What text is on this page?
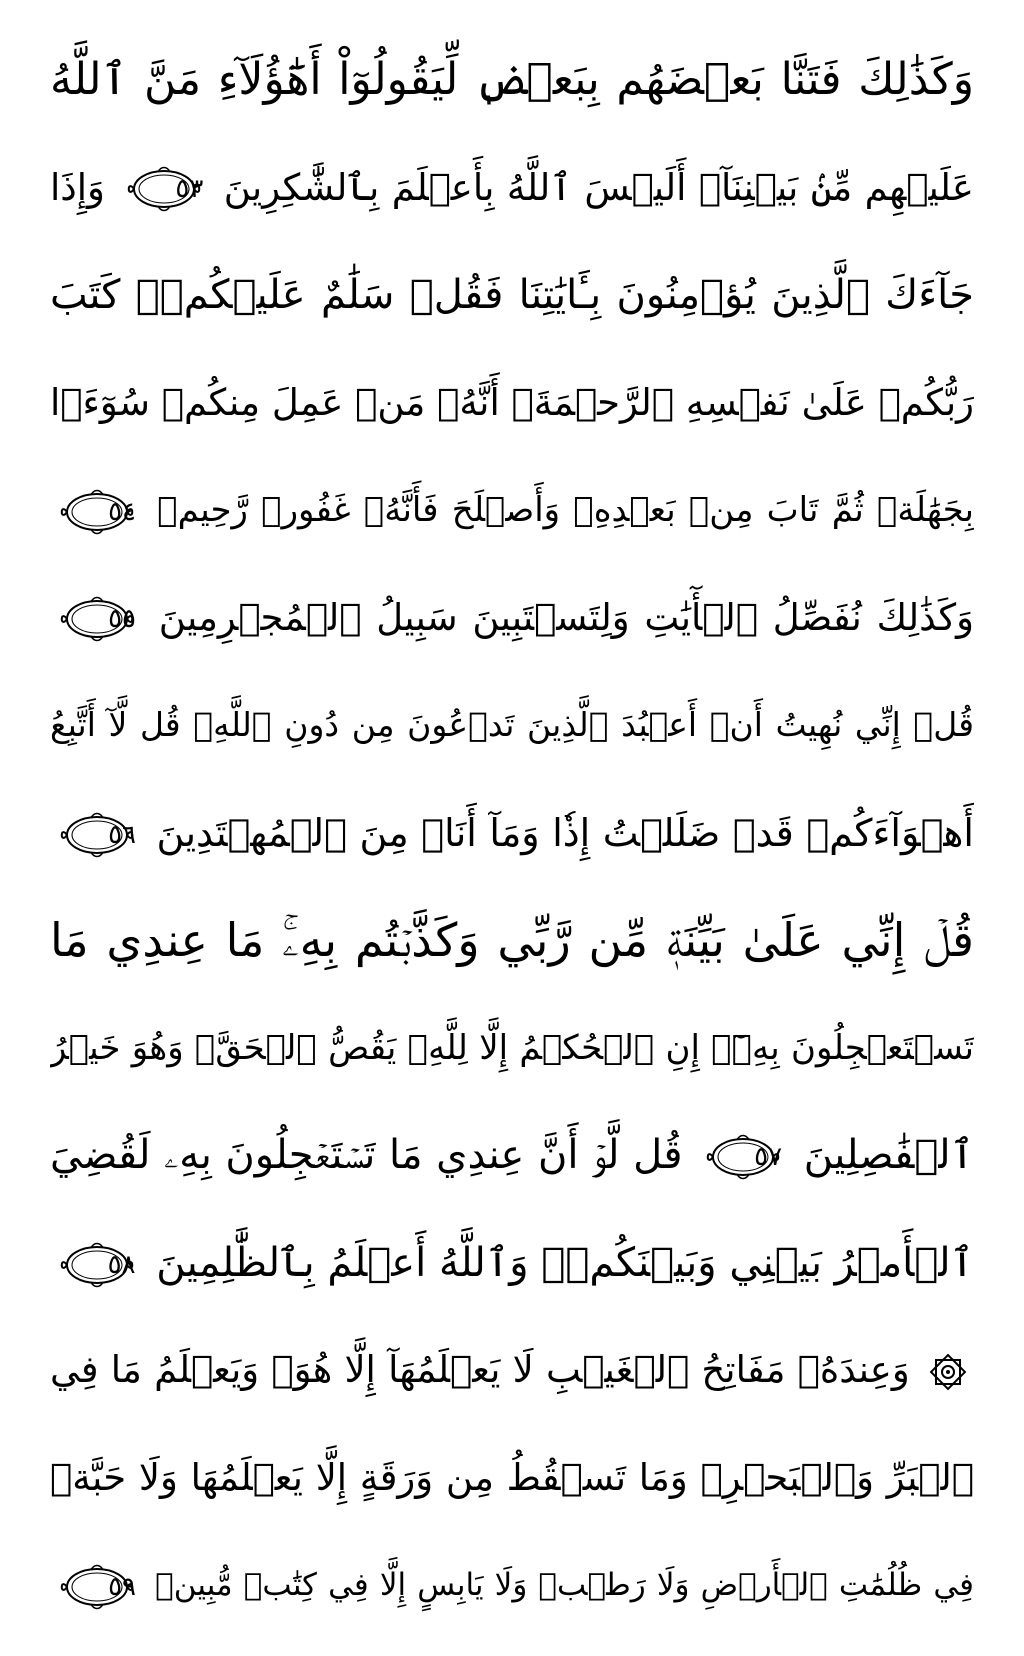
وَكَذَٰلِكَ فَتَنَّا بَعۡضَهُم بِبَعۡضٖ لِّيَقُولُوٓاْ أَهَٰٓؤُلَآءِ مَنَّ ٱللَّهُ
عَلَيۡهِم مِّنۢ بَيۡنِنَآۗ أَلَيۡسَ ٱللَّهُ بِأَعۡلَمَ بِٱلشَّٰكِرِينَ
٥٣
وَإِذَا
جَآءَكَ ٱلَّذِينَ يُؤۡمِنُونَ بِـَٔايَٰتِنَا فَقُلۡ سَلَٰمٌ عَلَيۡكُمۡۖ كَتَبَ
رَبُّكُمۡ عَلَىٰ نَفۡسِهِ ٱلرَّحۡمَةَۖ أَنَّهُۥ مَنۡ عَمِلَ مِنكُمۡ سُوٓءَۢا
بِجَهَٰلَةٖ ثُمَّ تَابَ مِنۢ بَعۡدِهِۦ وَأَصۡلَحَ فَأَنَّهُۥ غَفُورٞ رَّحِيمٞ
٥٤
وَكَذَٰلِكَ نُفَصِّلُ ٱلۡأٓيَٰتِ وَلِتَسۡتَبِينَ سَبِيلُ ٱلۡمُجۡرِمِينَ
٥٥
قُلۡ إِنِّي نُهِيتُ أَنۡ أَعۡبُدَ ٱلَّذِينَ تَدۡعُونَ مِن دُونِ ٱللَّهِۚ قُل لَّآ أَتَّبِعُ
أَهۡوَآءَكُمۡ قَدۡ ضَلَلۡتُ إِذٗا وَمَآ أَنَا۠ مِنَ ٱلۡمُهۡتَدِينَ
٥٦
قُلۡ إِنِّي عَلَىٰ بَيِّنَةٖ مِّن رَّبِّي وَكَذَّبۡتُم بِهِۦۚ مَا عِندِي مَا
تَسۡتَعۡجِلُونَ بِهِۦٓۚ إِنِ ٱلۡحُكۡمُ إِلَّا لِلَّهِۖ يَقُصُّ ٱلۡحَقَّۖ وَهُوَ خَيۡرُ
ٱلۡفَٰصِلِينَ
٥٧
قُل لَّوۡ أَنَّ عِندِي مَا تَسۡتَعۡجِلُونَ بِهِۦ لَقُضِيَ
ٱلۡأَمۡرُ بَيۡنِي وَبَيۡنَكُمۡۗ وَٱللَّهُ أَعۡلَمُ بِٱلظَّٰلِمِينَ
٥٨
وَعِندَهُۥ مَفَاتِحُ ٱلۡغَيۡبِ لَا يَعۡلَمُهَآ إِلَّا هُوَۚ وَيَعۡلَمُ مَا فِي
ٱلۡبَرِّ وَٱلۡبَحۡرِۚ وَمَا تَسۡقُطُ مِن وَرَقَةٍ إِلَّا يَعۡلَمُهَا وَلَا حَبَّةٖ
فِي ظُلُمَٰتِ ٱلۡأَرۡضِ وَلَا رَطۡبٖ وَلَا يَابِسٍ إِلَّا فِي كِتَٰبٖ مُّبِينٖ
٥٩
